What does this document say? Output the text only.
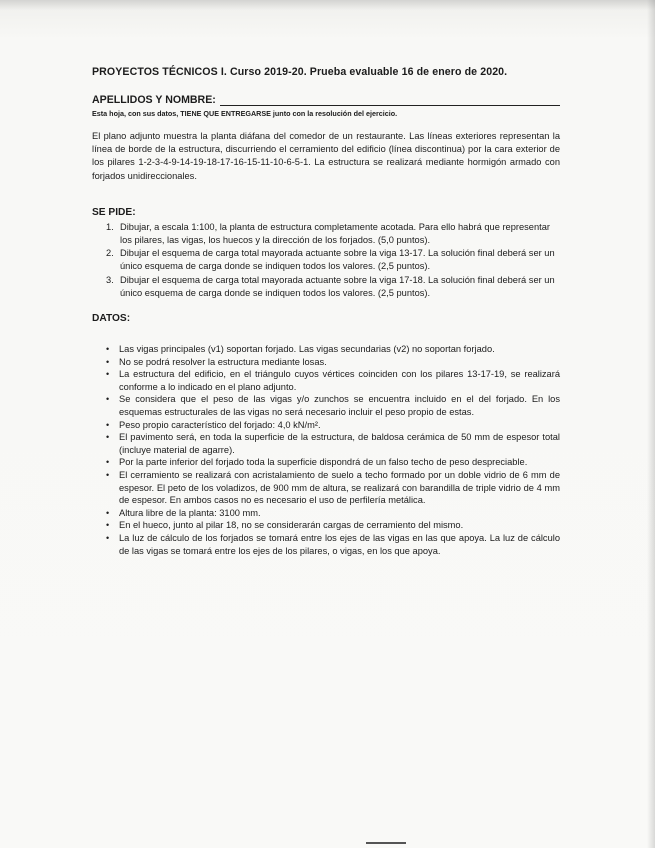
PROYECTOS TÉCNICOS I. Curso 2019-20. Prueba evaluable 16 de enero de 2020.

APELLIDOS Y NOMBRE:
Esta hoja, con sus datos, TIENE QUE ENTREGARSE junto con la resolución del ejercicio.
El plano adjunto muestra la planta diáfana del comedor de un restaurante. Las líneas exteriores representan la línea de borde de la estructura, discurriendo el cerramiento del edificio (línea discontinua) por la cara exterior de los pilares 1-2-3-4-9-14-19-18-17-16-15-11-10-6-5-1. La estructura se realizará mediante hormigón armado con forjados unidireccionales.
SE PIDE:
1. Dibujar, a escala 1:100, la planta de estructura completamente acotada. Para ello habrá que representar los pilares, las vigas, los huecos y la dirección de los forjados. (5,0 puntos).
2. Dibujar el esquema de carga total mayorada actuante sobre la viga 13-17. La solución final deberá ser un único esquema de carga donde se indiquen todos los valores. (2,5 puntos).
3. Dibujar el esquema de carga total mayorada actuante sobre la viga 17-18. La solución final deberá ser un único esquema de carga donde se indiquen todos los valores. (2,5 puntos).
DATOS:
•	Las vigas principales (v1) soportan forjado. Las vigas secundarias (v2) no soportan forjado.
•	No se podrá resolver la estructura mediante losas.
•	La estructura del edificio, en el triángulo cuyos vértices coinciden con los pilares 13-17-19, se realizará conforme a lo indicado en el plano adjunto.
•	Se considera que el peso de las vigas y/o zunchos se encuentra incluido en el del forjado. En los esquemas estructurales de las vigas no será necesario incluir el peso propio de estas.
•	Peso propio característico del forjado: 4,0 kN/m².
•	El pavimento será, en toda la superficie de la estructura, de baldosa cerámica de 50 mm de espesor total (incluye material de agarre).
•	Por la parte inferior del forjado toda la superficie dispondrá de un falso techo de peso despreciable.
•	El cerramiento se realizará con acristalamiento de suelo a techo formado por un doble vidrio de 6 mm de espesor. El peto de los voladizos, de 900 mm de altura, se realizará con barandilla de triple vidrio de 4 mm de espesor. En ambos casos no es necesario el uso de perfilería metálica.
•	Altura libre de la planta: 3100 mm.
•	En el hueco, junto al pilar 18, no se considerarán cargas de cerramiento del mismo.
•	La luz de cálculo de los forjados se tomará entre los ejes de las vigas en las que apoya. La luz de cálculo de las vigas se tomará entre los ejes de los pilares, o vigas, en los que apoya.
